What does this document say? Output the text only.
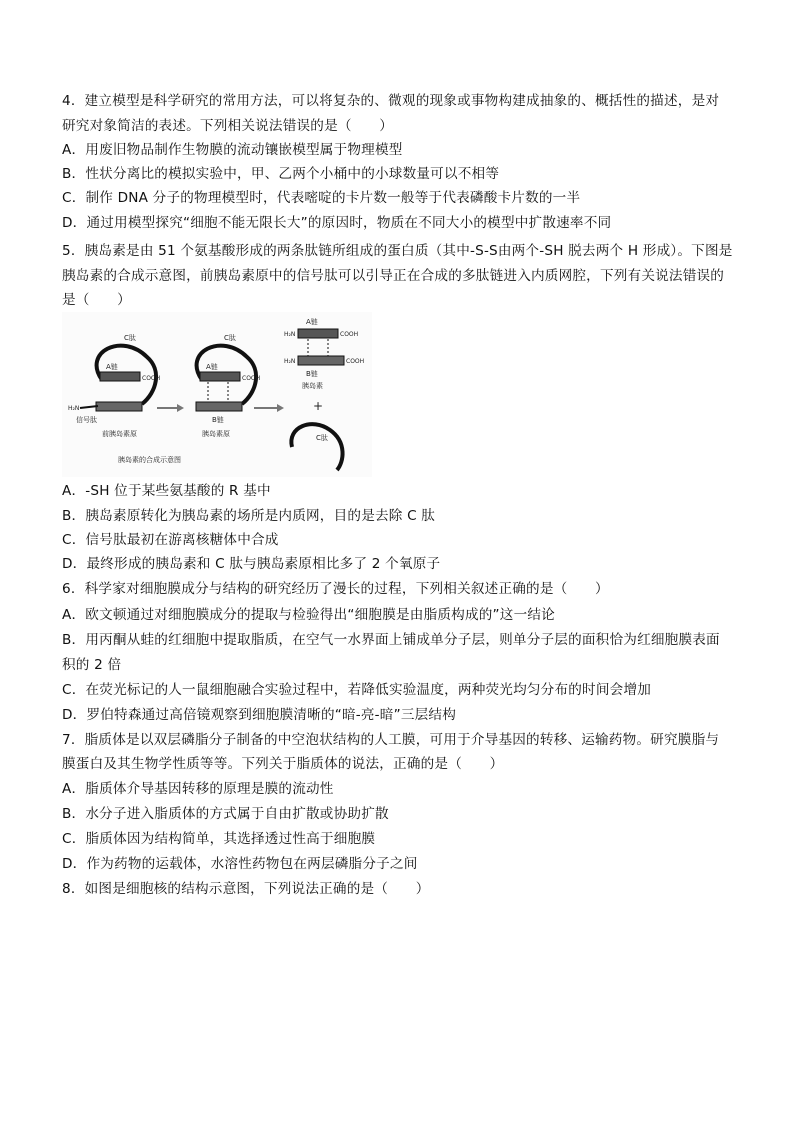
4．建立模型是科学研究的常用方法，可以将复杂的、微观的现象或事物构建成抽象的、概括性的描述，是对
研究对象简洁的表述。下列相关说法错误的是（　　）
A．用废旧物品制作生物膜的流动镶嵌模型属于物理模型
B．性状分离比的模拟实验中，甲、乙两个小桶中的小球数量可以不相等
C．制作 DNA 分子的物理模型时，代表嘧啶的卡片数一般等于代表磷酸卡片数的一半
D．通过用模型探究“细胞不能无限长大”的原因时，物质在不同大小的模型中扩散速率不同
5．胰岛素是由 51 个氨基酸形成的两条肽链所组成的蛋白质（其中-S-S由两个-SH 脱去两个 H 形成）。下图是
胰岛素的合成示意图，前胰岛素原中的信号肽可以引导正在合成的多肽链进入内质网腔，下列有关说法错误的
是（　　）
C肽
A链
COOH
H₂N
信号肽
前胰岛素原
C肽
A链
COOH
B链
胰岛素原
A链
H₂N	COOH
H₂N	COOH
B链
胰岛素
+
C肽
胰岛素的合成示意图
A．-SH 位于某些氨基酸的 R 基中
B．胰岛素原转化为胰岛素的场所是内质网，目的是去除 C 肽
C．信号肽最初在游离核糖体中合成
D．最终形成的胰岛素和 C 肽与胰岛素原相比多了 2 个氧原子
6．科学家对细胞膜成分与结构的研究经历了漫长的过程，下列相关叙述正确的是（　　）
A．欧文顿通过对细胞膜成分的提取与检验得出“细胞膜是由脂质构成的”这一结论
B．用丙酮从蛙的红细胞中提取脂质，在空气一水界面上铺成单分子层，则单分子层的面积恰为红细胞膜表面
积的 2 倍
C．在荧光标记的人一鼠细胞融合实验过程中，若降低实验温度，两种荧光均匀分布的时间会增加
D．罗伯特森通过高倍镜观察到细胞膜清晰的“暗-亮-暗”三层结构
7．脂质体是以双层磷脂分子制备的中空泡状结构的人工膜，可用于介导基因的转移、运输药物。研究膜脂与
膜蛋白及其生物学性质等等。下列关于脂质体的说法，正确的是（　　）
A．脂质体介导基因转移的原理是膜的流动性
B．水分子进入脂质体的方式属于自由扩散或协助扩散
C．脂质体因为结构简单，其选择透过性高于细胞膜
D．作为药物的运载体，水溶性药物包在两层磷脂分子之间
8．如图是细胞核的结构示意图，下列说法正确的是（　　）
